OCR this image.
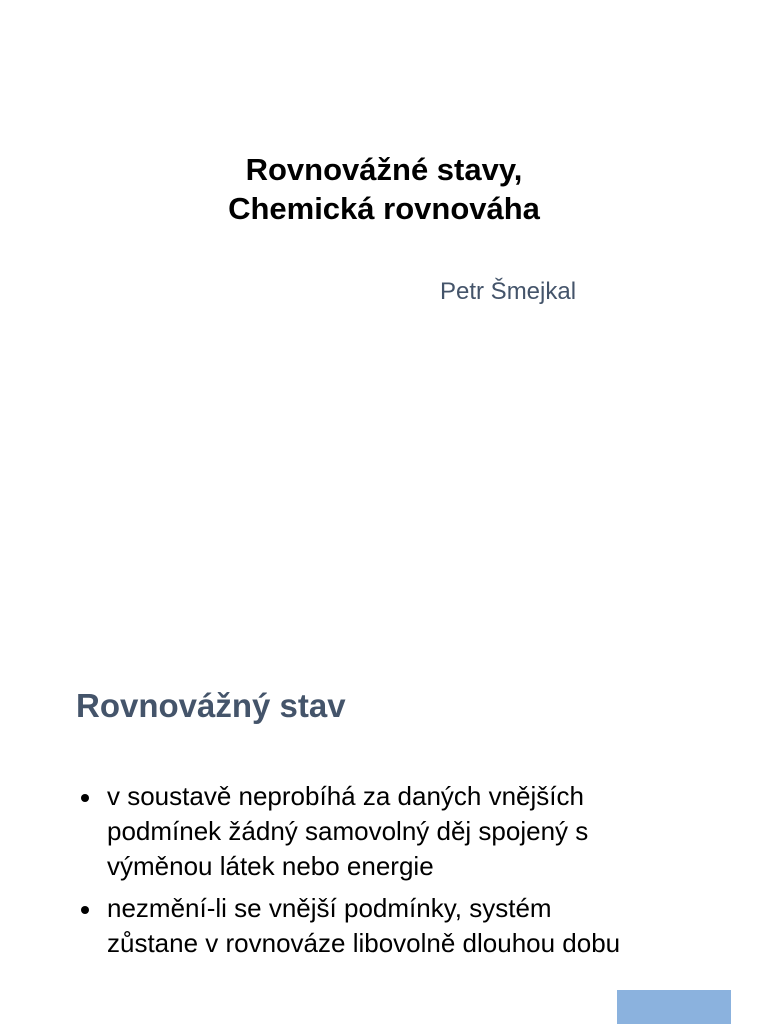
Rovnovážné stavy,
Chemická rovnováha
Petr Šmejkal
Rovnovážný stav
v soustavě neprobíhá za daných vnějších
podmínek žádný samovolný děj spojený s
výměnou látek nebo energie
nezmění-li se vnější podmínky, systém
zůstane v rovnováze libovolně dlouhou dobu
